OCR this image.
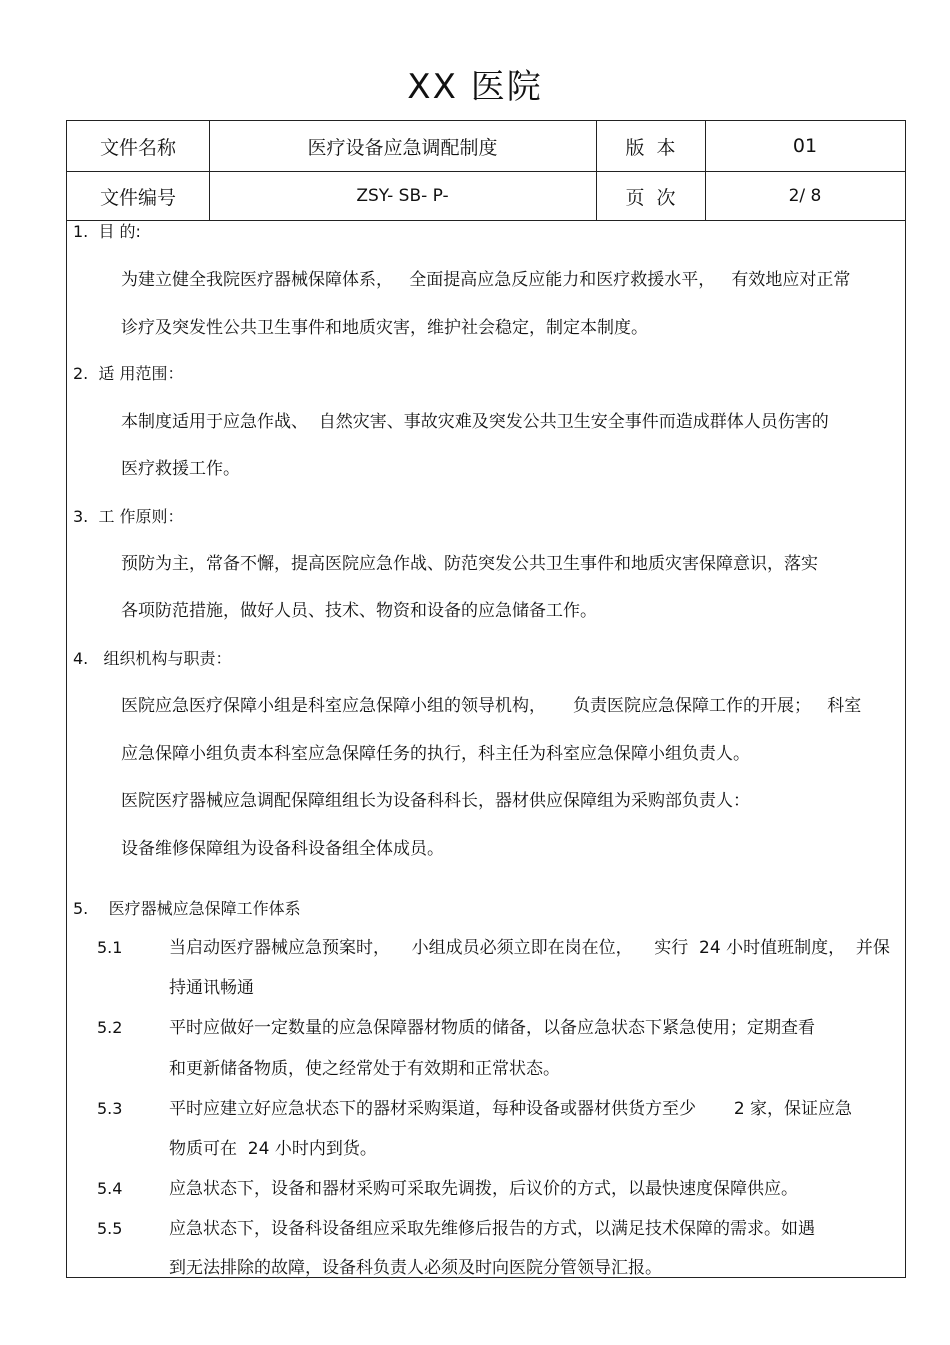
XX 医院
文件名称	医疗设备应急调配制度	版  本	01
文件编号	ZSY- SB- P-	页  次	2/ 8
1.  目 的:
为建立健全我院医疗器械保障体系，   全面提高应急反应能力和医疗救援水平，   有效地应对正常
诊疗及突发性公共卫生事件和地质灾害，维护社会稳定，制定本制度。
2.  适 用范围：
本制度适用于应急作战、  自然灾害、事故灾难及突发公共卫生安全事件而造成群体人员伤害的
医疗救援工作。
3.  工 作原则：
预防为主，常备不懈，提高医院应急作战、防范突发公共卫生事件和地质灾害保障意识，落实
各项防范措施，做好人员、技术、物资和设备的应急储备工作。
4.   组织机构与职责：
医院应急医疗保障小组是科室应急保障小组的领导机构，     负责医院应急保障工作的开展；   科室
应急保障小组负责本科室应急保障任务的执行，科主任为科室应急保障小组负责人。
医院医疗器械应急调配保障组组长为设备科科长，器材供应保障组为采购部负责人：
设备维修保障组为设备科设备组全体成员。
5.    医疗器械应急保障工作体系
5.1	当启动医疗器械应急预案时，    小组成员必须立即在岗在位，    实行  24 小时值班制度，  并保
持通讯畅通
5.2	平时应做好一定数量的应急保障器材物质的储备，以备应急状态下紧急使用；定期查看
和更新储备物质，使之经常处于有效期和正常状态。
5.3	平时应建立好应急状态下的器材采购渠道，每种设备或器材供货方至少       2 家，保证应急
物质可在  24 小时内到货。
5.4	应急状态下，设备和器材采购可采取先调拨，后议价的方式，以最快速度保障供应。
5.5	应急状态下，设备科设备组应采取先维修后报告的方式，以满足技术保障的需求。如遇
到无法排除的故障，设备科负责人必须及时向医院分管领导汇报。
